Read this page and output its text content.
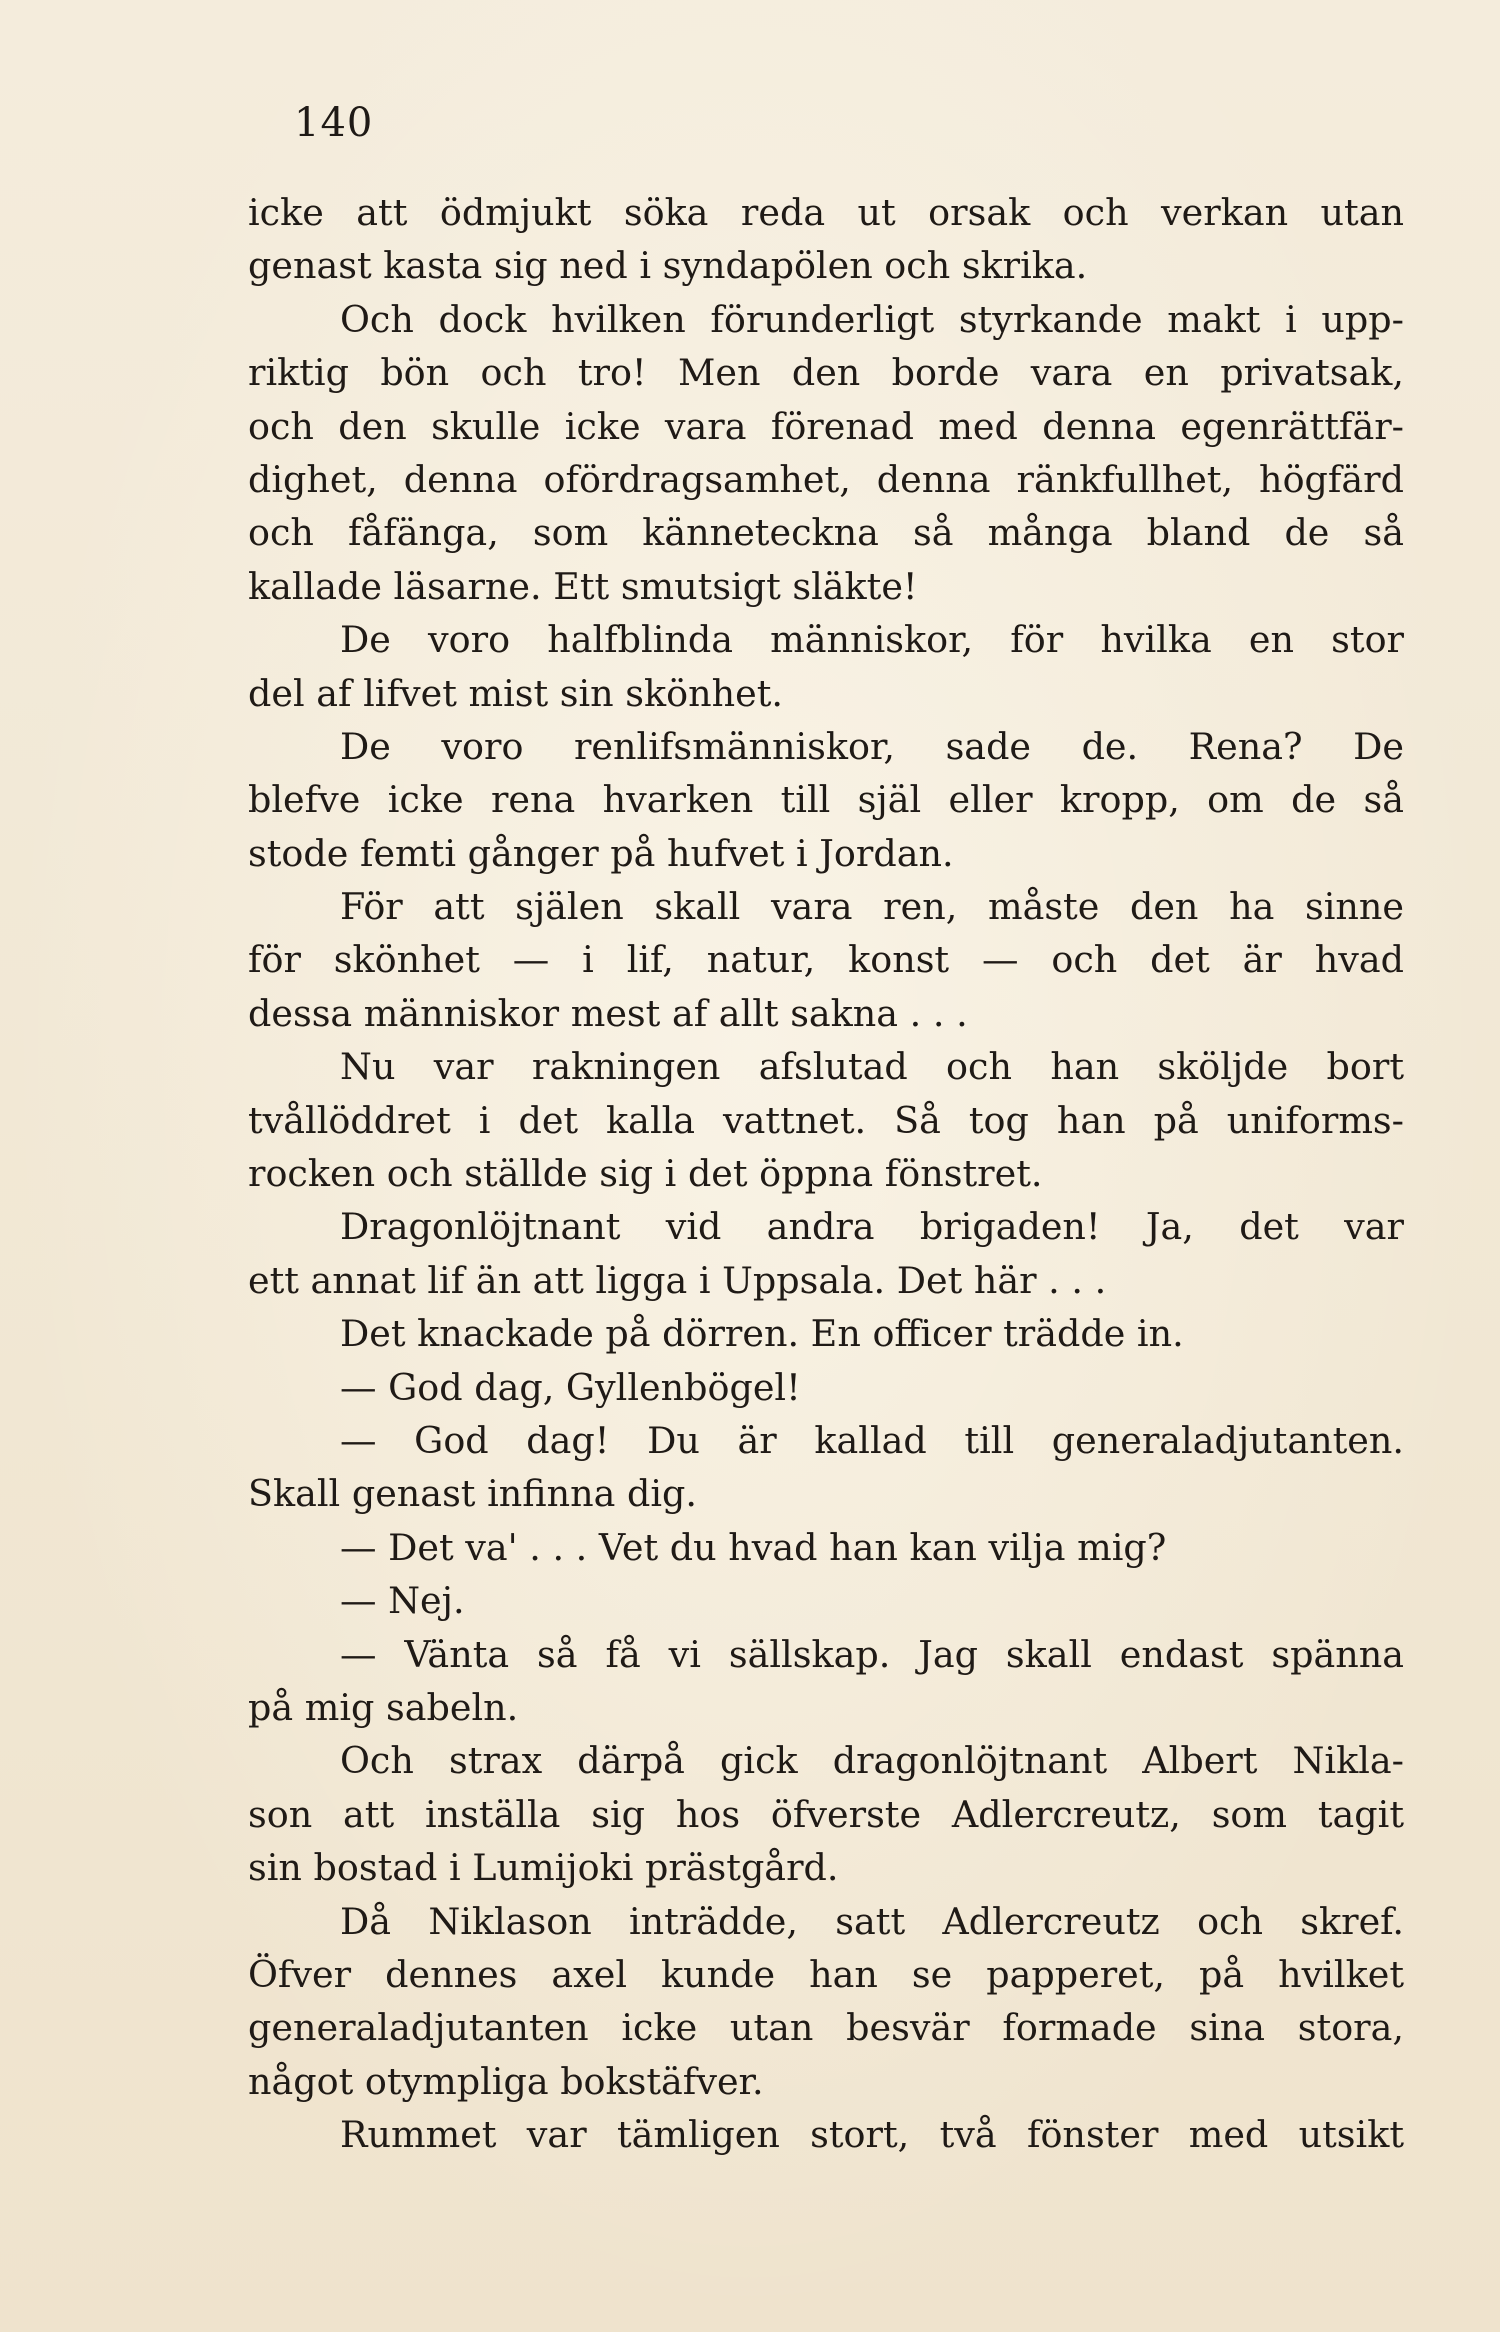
140
icke att ödmjukt söka reda ut orsak och verkan utan
genast kasta sig ned i syndapölen och skrika.
Och dock hvilken förunderligt styrkande makt i upp-
riktig bön och tro! Men den borde vara en privatsak,
och den skulle icke vara förenad med denna egenrättfär-
dighet, denna ofördragsamhet, denna ränkfullhet, högfärd
och fåfänga, som känneteckna så många bland de så
kallade läsarne. Ett smutsigt släkte!
De voro halfblinda människor, för hvilka en stor
del af lifvet mist sin skönhet.
De voro renlifsmänniskor, sade de. Rena? De
blefve icke rena hvarken till själ eller kropp, om de så
stode femti gånger på hufvet i Jordan.
För att själen skall vara ren, måste den ha sinne
för skönhet — i lif, natur, konst — och det är hvad
dessa människor mest af allt sakna . . .
Nu var rakningen afslutad och han sköljde bort
tvållöddret i det kalla vattnet. Så tog han på uniforms-
rocken och ställde sig i det öppna fönstret.
Dragonlöjtnant vid andra brigaden! Ja, det var
ett annat lif än att ligga i Uppsala. Det här . . .
Det knackade på dörren. En officer trädde in.
— God dag, Gyllenbögel!
— God dag! Du är kallad till generaladjutanten.
Skall genast infinna dig.
— Det va' . . . Vet du hvad han kan vilja mig?
— Nej.
— Vänta så få vi sällskap. Jag skall endast spänna
på mig sabeln.
Och strax därpå gick dragonlöjtnant Albert Nikla-
son att inställa sig hos öfverste Adlercreutz, som tagit
sin bostad i Lumijoki prästgård.
Då Niklason inträdde, satt Adlercreutz och skref.
Öfver dennes axel kunde han se papperet, på hvilket
generaladjutanten icke utan besvär formade sina stora,
något otympliga bokstäfver.
Rummet var tämligen stort, två fönster med utsikt
